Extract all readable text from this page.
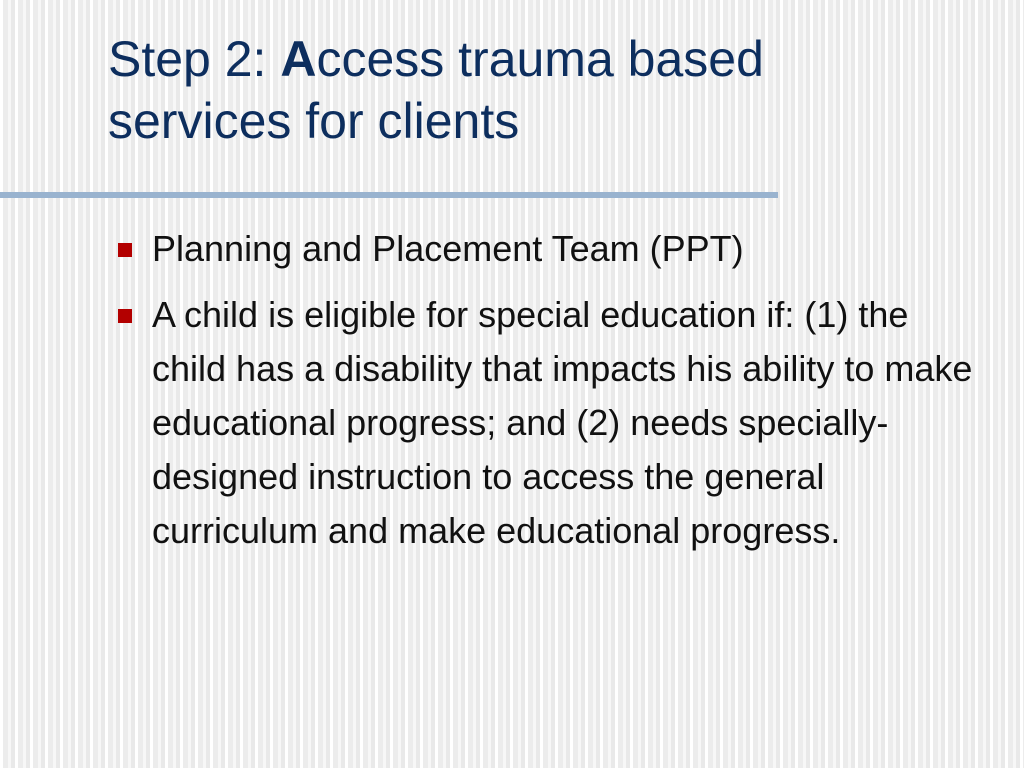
Step 2: Access trauma based
services for clients
Planning and Placement Team (PPT)
A child is eligible for special education if: (1) the child has a disability that impacts his ability to make educational progress; and (2) needs specially-designed instruction to access the general curriculum and make educational progress.
